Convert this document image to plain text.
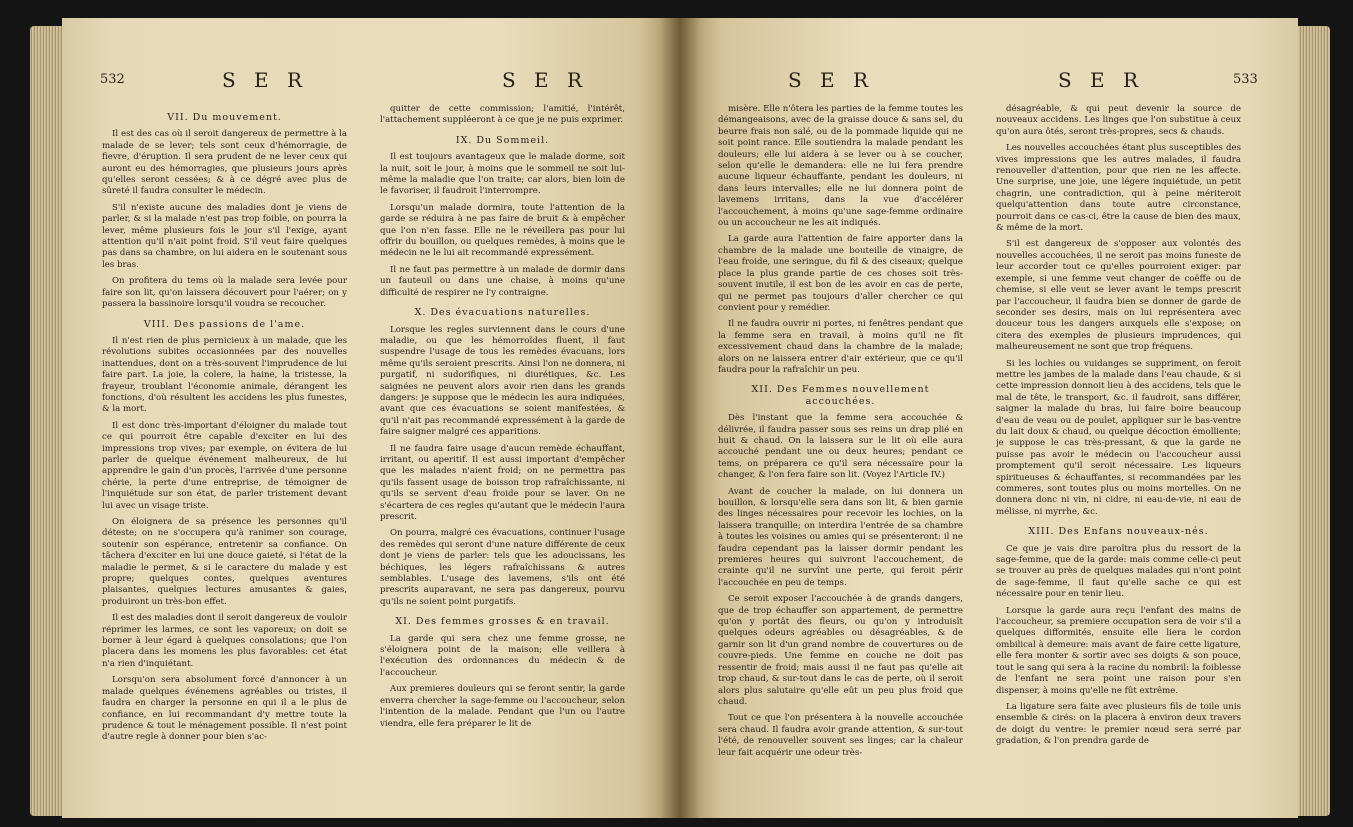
532	S E R	S E R
VII. Du mouvement.

Il est des cas où il seroit dangereux de permettre à la malade de se lever; tels sont ceux d'hémorragie, de fievre, d'éruption. Il sera prudent de ne lever ceux qui auront eu des hémorragies, que plusieurs jours après qu'elles seront cessées; & à ce dégré avec plus de sûreté il faudra consulter le médecin.

S'il n'existe aucune des maladies dont je viens de parler, & si la malade n'est pas trop foible, on pourra la lever, même plusieurs fois le jour s'il l'exige, ayant attention qu'il n'ait point froid. S'il veut faire quelques pas dans sa chambre, on lui aidera en le soutenant sous les bras.

On profitera du tems où la malade sera levée pour faire son lit, qu'on laissera découvert pour l'aérer; on y passera la bassinoire lorsqu'il voudra se recoucher.

VIII. Des passions de l'ame.

Il n'est rien de plus pernicieux à un malade, que les révolutions subites occasionnées par des nouvelles inattendues, dont on a très-souvent l'imprudence de lui faire part. La joie, la colere, la haine, la tristesse, la frayeur, troublant l'économie animale, dérangent les fonctions, d'où résultent les accidens les plus funestes, & la mort.

Il est donc très-important d'éloigner du malade tout ce qui pourroit être capable d'exciter en lui des impressions trop vives; par exemple, on évitera de lui parler de quelque événement malheureux, de lui apprendre le gain d'un procès, l'arrivée d'une personne chérie, la perte d'une entreprise, de témoigner de l'inquiétude sur son état, de parler tristement devant lui avec un visage triste.

On éloignera de sa présence les personnes qu'il déteste; on ne s'occupera qu'à ranimer son courage, soutenir son espérance, entretenir sa confiance. On tâchera d'exciter en lui une douce gaieté, si l'état de la maladie le permet, & si le caractere du malade y est propre; quelques contes, quelques aventures plaisantes, quelques lectures amusantes & gaies, produiront un très-bon effet.

Il est des maladies dont il seroit dangereux de vouloir réprimer les larmes, ce sont les vaporeux; on doit se borner à leur égard à quelques consolations; que l'on placera dans les momens les plus favorables: cet état n'a rien d'inquiétant.

Lorsqu'on sera absolument forcé d'annoncer à un malade quelques événemens agréables ou tristes, il faudra en charger la personne en qui il a le plus de confiance, en lui recommandant d'y mettre toute la prudence & tout le ménagement possible. Il n'est point d'autre regle à donner pour bien s'ac-

quitter de cette commission; l'amitié, l'intérêt, l'attachement suppléeront à ce que je ne puis exprimer.

IX. Du Sommeil.

Il est toujours avantageux que le malade dorme, soit la nuit, soit le jour, à moins que le sommeil ne soit lui-même la maladie que l'on traite; car alors, bien loin de le favoriser, il faudroit l'interrompre.

Lorsqu'un malade dormira, toute l'attention de la garde se réduira à ne pas faire de bruit & à empêcher que l'on n'en fasse. Elle ne le réveillera pas pour lui offrir du bouillon, ou quelques remèdes, à moins que le médecin ne le lui ait recommandé expressément.

Il ne faut pas permettre à un malade de dormir dans un fauteuil ou dans une chaise, à moins qu'une difficulté de respirer ne l'y contraigne.

X. Des évacuations naturelles.

Lorsque les regles surviennent dans le cours d'une maladie, ou que les hémorroïdes fluent, il faut suspendre l'usage de tous les remèdes évacuans, lors même qu'ils seroient prescrits. Ainsi l'on ne donnera, ni purgatif, ni sudorifiques, ni diurétiques, &c. Les saignées ne peuvent alors avoir rien dans les grands dangers: je suppose que le médecin les aura indiquées, avant que ces évacuations se soient manifestées, & qu'il n'ait pas recommandé expressément à la garde de faire saigner malgré ces apparitions.

Il ne faudra faire usage d'aucun remède échauffant, irritant, ou aperitif. Il est aussi important d'empêcher que les malades n'aient froid; on ne permettra pas qu'ils fassent usage de boisson trop rafraîchissante, ni qu'ils se servent d'eau froide pour se laver. On ne s'écartera de ces regles qu'autant que le médecin l'aura prescrit.

On pourra, malgré ces évacuations, continuer l'usage des remèdes qui seront d'une nature différente de ceux dont je viens de parler: tels que les adoucissans, les béchiques, les légers rafraîchissans & autres semblables. L'usage des lavemens, s'ils ont été prescrits auparavant, ne sera pas dangereux, pourvu qu'ils ne soient point purgatifs.

XI. Des femmes grosses & en travail.

La garde qui sera chez une femme grosse, ne s'éloignera point de la maison; elle veillera à l'exécution des ordonnances du médecin & de l'accoucheur.

Aux premieres douleurs qui se feront sentir, la garde enverra chercher la sage-femme ou l'accoucheur, selon l'intention de la malade. Pendant que l'un ou l'autre viendra, elle fera préparer le lit de

S E R	S E R	533

misère. Elle n'ôtera les parties de la femme toutes les démangeaisons, avec de la graisse douce & sans sel, du beurre frais non salé, ou de la pommade liquide qui ne soit point rance. Elle soutiendra la malade pendant les douleurs; elle lui aidera à se lever ou à se coucher, selon qu'elle le demandera: elle ne lui fera prendre aucune liqueur échauffante, pendant les douleurs, ni dans leurs intervalles; elle ne lui donnera point de lavemens irritans, dans la vue d'accélérer l'accouchement, à moins qu'une sage-femme ordinaire ou un accoucheur ne les ait indiqués.

La garde aura l'attention de faire apporter dans la chambre de la malade une bouteille de vinaigre, de l'eau froide, une seringue, du fil & des ciseaux; quelque place la plus grande partie de ces choses soit très-souvent inutile, il est bon de les avoir en cas de perte, qui ne permet pas toujours d'aller chercher ce qui convient pour y remédier.

Il ne faudra ouvrir ni portes, ni fenêtres pendant que la femme sera en travail, à moins qu'il ne fît excessivement chaud dans la chambre de la malade; alors on ne laissera entrer d'air extérieur, que ce qu'il faudra pour la rafraîchir un peu.

XII. Des Femmes nouvellement accouchées.

Dès l'instant que la femme sera accouchée & délivrée, il faudra passer sous ses reins un drap plié en huit & chaud. On la laissera sur le lit où elle aura accouché pendant une ou deux heures; pendant ce tems, on préparera ce qu'il sera nécessaire pour la changer, & l'on fera faire son lit. (Voyez l'Article IV.)

Avant de coucher la malade, on lui donnera un bouillon, & lorsqu'elle sera dans son lit, & bien garnie des linges nécessaires pour recevoir les lochies, on la laissera tranquille; on interdira l'entrée de sa chambre à toutes les voisines ou amies qui se présenteront: il ne faudra cependant pas la laisser dormir pendant les premieres heures qui suivront l'accouchement, de crainte qu'il ne survînt une perte, qui feroit périr l'accouchée en peu de temps.

Ce seroit exposer l'accouchée à de grands dangers, que de trop échauffer son appartement, de permettre qu'on y portât des fleurs, ou qu'on y introduisît quelques odeurs agréables ou désagréables, & de garnir son lit d'un grand nombre de couvertures ou de couvre-pieds. Une femme en couche ne doit pas ressentir de froid; mais aussi il ne faut pas qu'elle ait trop chaud, & sur-tout dans le cas de perte, où il seroit alors plus salutaire qu'elle eût un peu plus froid que chaud.

Tout ce que l'on présentera à la nouvelle accouchée sera chaud. Il faudra avoir grande attention, & sur-tout l'été, de renouveller souvent ses linges; car la chaleur leur fait acquérir une odeur très-

désagréable, & qui peut devenir la source de nouveaux accidens. Les linges que l'on substitue à ceux qu'on aura ôtés, seront très-propres, secs & chauds.

Les nouvelles accouchées étant plus susceptibles des vives impressions que les autres malades, il faudra renouveller d'attention, pour que rien ne les affecte. Une surprise, une joie, une légere inquiétude, un petit chagrin, une contradiction, qui à peine mériteroit quelqu'attention dans toute autre circonstance, pourroit dans ce cas-ci, être la cause de bien des maux, & même de la mort.

S'il est dangereux de s'opposer aux volontés des nouvelles accouchées, il ne seroit pas moins funeste de leur accorder tout ce qu'elles pourroient exiger: par exemple, si une femme veut changer de coëffe ou de chemise, si elle veut se lever avant le temps prescrit par l'accoucheur, il faudra bien se donner de garde de seconder ses desirs, mais on lui représentera avec douceur tous les dangers auxquels elle s'expose; on citera des exemples de plusieurs imprudences, qui malheureusement ne sont que trop fréquens.

Si les lochies ou vuidanges se suppriment, on feroit mettre les jambes de la malade dans l'eau chaude, & si cette impression donnoit lieu à des accidens, tels que le mal de tête, le transport, &c. il faudroit, sans différer, saigner la malade du bras, lui faire boire beaucoup d'eau de veau ou de poulet, appliquer sur le bas-ventre du lait doux & chaud, ou quelque décoction émolliente; je suppose le cas très-pressant, & que la garde ne puisse pas avoir le médecin ou l'accoucheur aussi promptement qu'il seroit nécessaire. Les liqueurs spiritueuses & échauffantes, si recommandées par les commeres, sont toutes plus ou moins mortelles. On ne donnera donc ni vin, ni cidre, ni eau-de-vie, ni eau de mélisse, ni myrrhe, &c.

XIII. Des Enfans nouveaux-nés.

Ce que je vais dire paroîtra plus du ressort de la sage-femme, que de la garde: mais comme celle-ci peut se trouver au près de quelques malades qui n'ont point de sage-femme, il faut qu'elle sache ce qui est nécessaire pour en tenir lieu.

Lorsque la garde aura reçu l'enfant des mains de l'accoucheur, sa premiere occupation sera de voir s'il a quelques difformités, ensuite elle liera le cordon ombilical à demeure: mais avant de faire cette ligature, elle fera monter & sortir avec ses doigts & son pouce, tout le sang qui sera à la racine du nombril: la foiblesse de l'enfant ne sera point une raison pour s'en dispenser, à moins qu'elle ne fût extrême.

La ligature sera faite avec plusieurs fils de toile unis ensemble & cirés: on la placera à environ deux travers de doigt du ventre: le premier nœud sera serré par gradation, & l'on prendra garde de
